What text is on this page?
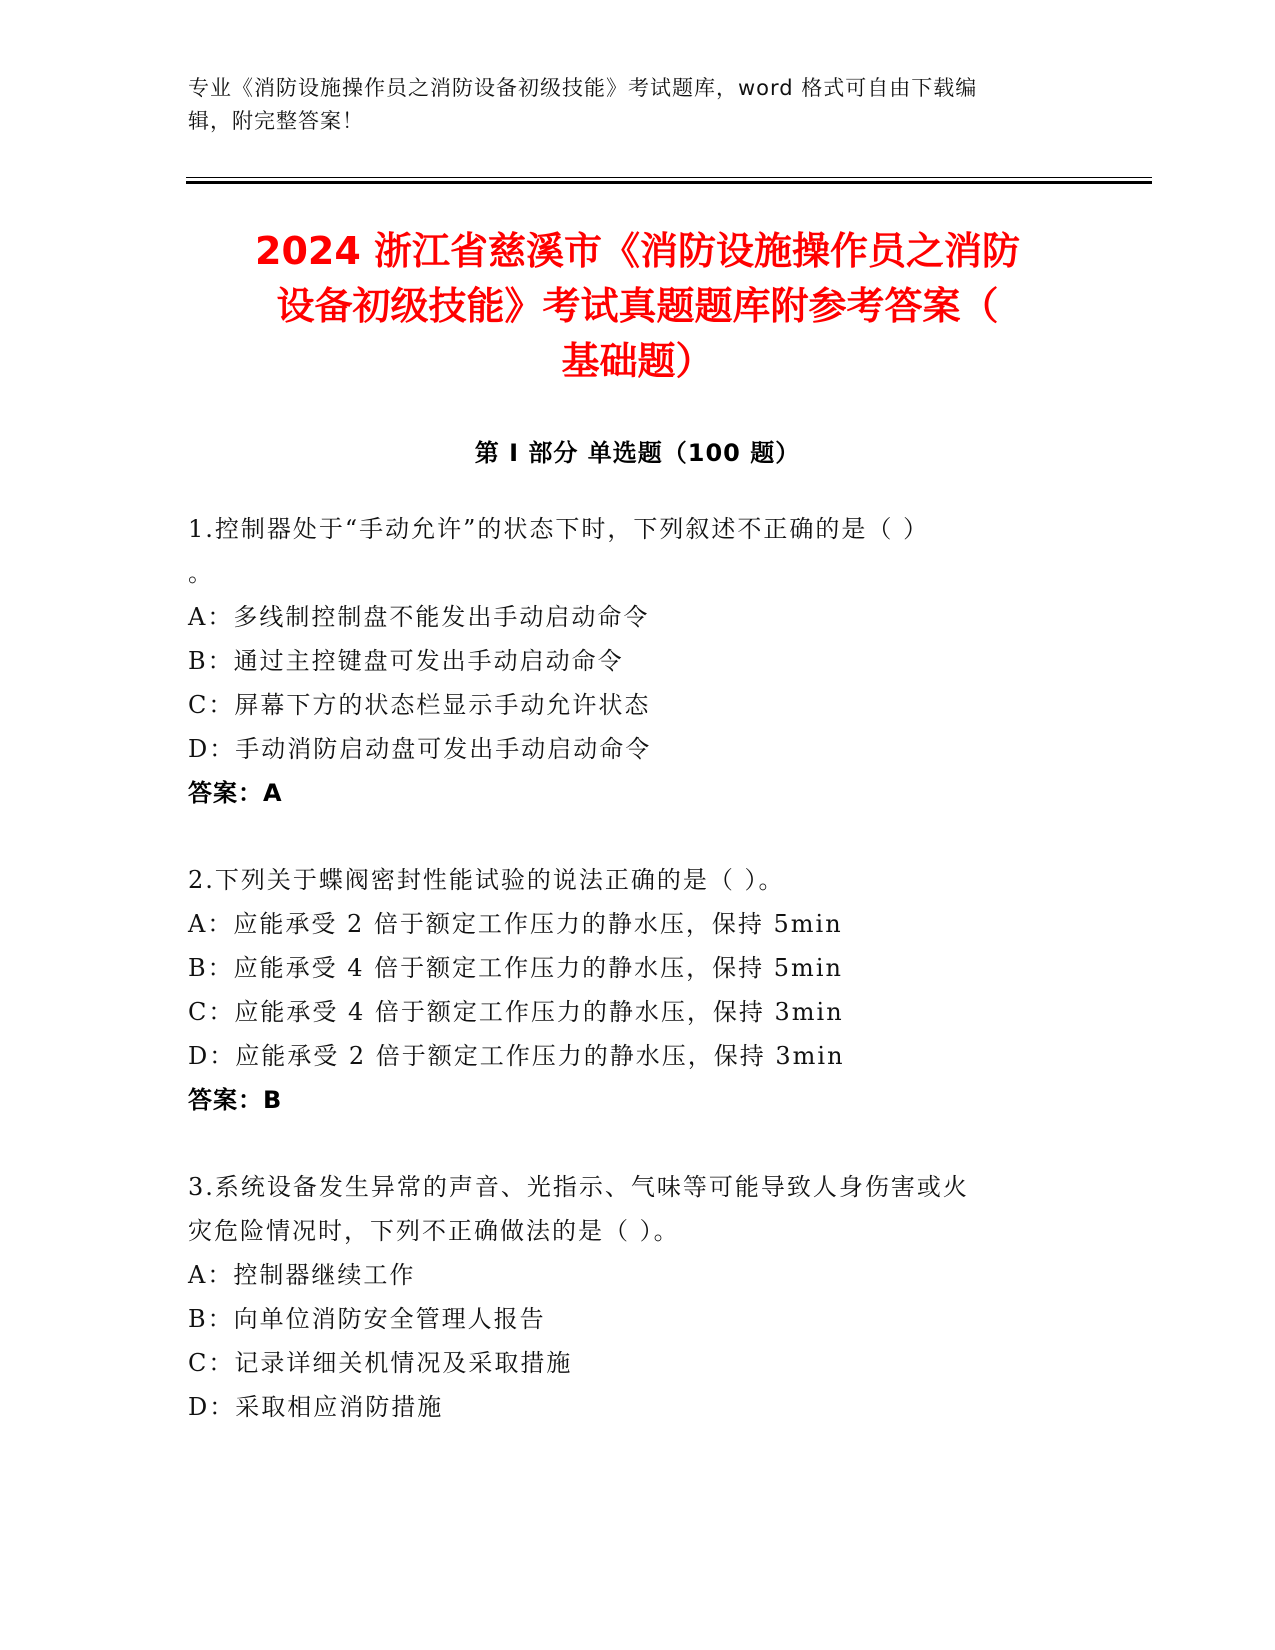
专业《消防设施操作员之消防设备初级技能》考试题库，word 格式可自由下载编
辑，附完整答案！
2024 浙江省慈溪市《消防设施操作员之消防
设备初级技能》考试真题题库附参考答案（
基础题）
第 I 部分 单选题（100 题）
1.控制器处于“手动允许”的状态下时，下列叙述不正确的是（ ）
。
A：多线制控制盘不能发出手动启动命令
B：通过主控键盘可发出手动启动命令
C：屏幕下方的状态栏显示手动允许状态
D：手动消防启动盘可发出手动启动命令
答案：A
2.下列关于蝶阀密封性能试验的说法正确的是（ ）。
A：应能承受 2 倍于额定工作压力的静水压，保持 5min
B：应能承受 4 倍于额定工作压力的静水压，保持 5min
C：应能承受 4 倍于额定工作压力的静水压，保持 3min
D：应能承受 2 倍于额定工作压力的静水压，保持 3min
答案：B
3.系统设备发生异常的声音、光指示、气味等可能导致人身伤害或火
灾危险情况时，下列不正确做法的是（ ）。
A：控制器继续工作
B：向单位消防安全管理人报告
C：记录详细关机情况及采取措施
D：采取相应消防措施
